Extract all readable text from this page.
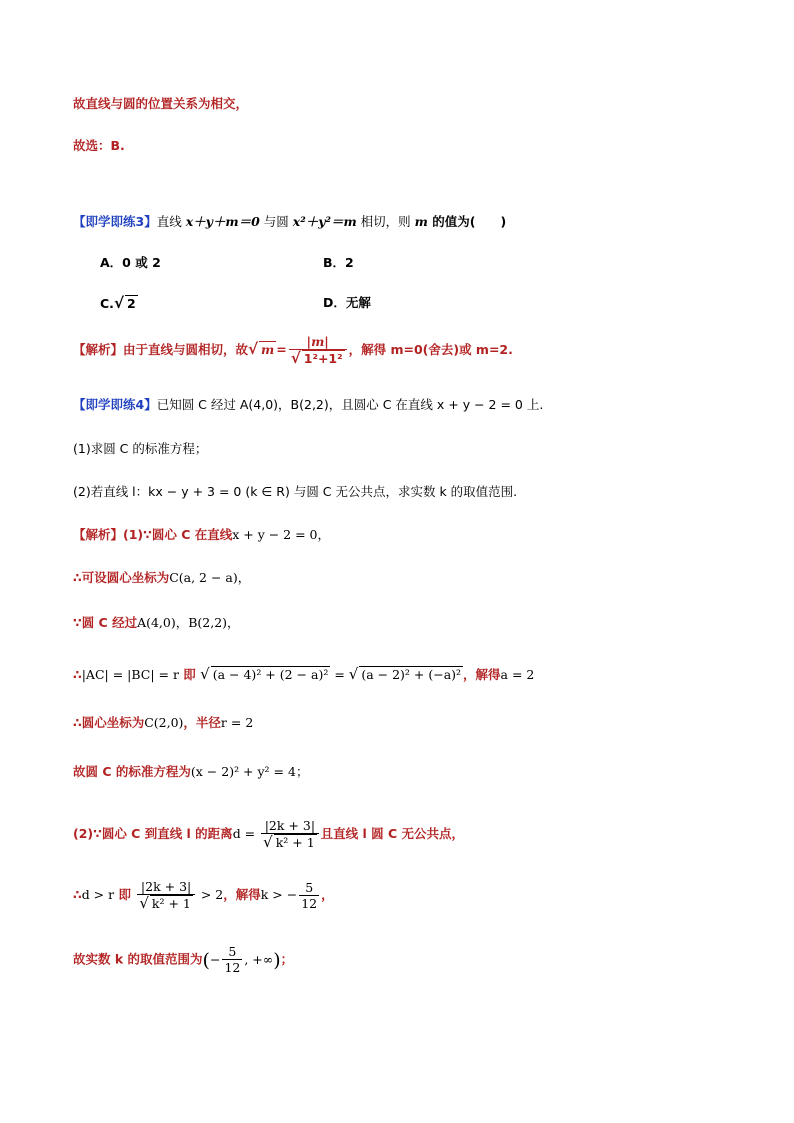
故直线与圆的位置关系为相交，
故选：B.
【即学即练3】直线 x＋y＋m＝0 与圆 x²＋y²＝m 相切，则 m 的值为(　　)
A．0 或 2	B．2
C.√ 2	D．无解
【解析】由于直线与圆相切，故√ $m = \frac{|m|}{\text{√ 1²+1²}}$ ，解得 m=0(舍去)或 m=2.
【即学即练4】已知圆 C 经过 A(4,0)，B(2,2)，且圆心 C 在直线 x + y − 2 = 0 上.
(1)求圆 C 的标准方程；
(2)若直线 l：kx − y + 3 = 0 (k ∈ R) 与圆 C 无公共点，求实数 k 的取值范围.
【解析】(1)∵圆心 C 在直线x + y − 2 = 0，
∴可设圆心坐标为C(a, 2 − a)，
∵圆 C 经过A(4,0)，B(2,2)，
∴|AC| = |BC| = r 即 √ (a − 4)² + (2 − a)² = √ (a − 2)² + (−a)² ，解得a = 2
∴圆心坐标为C(2,0)，半径r = 2
故圆 C 的标准方程为(x − 2)² + y² = 4；
(2)∵圆心 C 到直线 l 的距离$d = \frac{|2k + 3|}{\text{√ k² + 1}}$ 且直线 l 圆 C 无公共点，
∴d > r 即 $\frac{|2k + 3|}{\text{√ k² + 1}} > 2$，解得k > − $\frac{5}{12}$ ，
故实数 k 的取值范围为(− $\frac{5}{12}$ , +∞)；
